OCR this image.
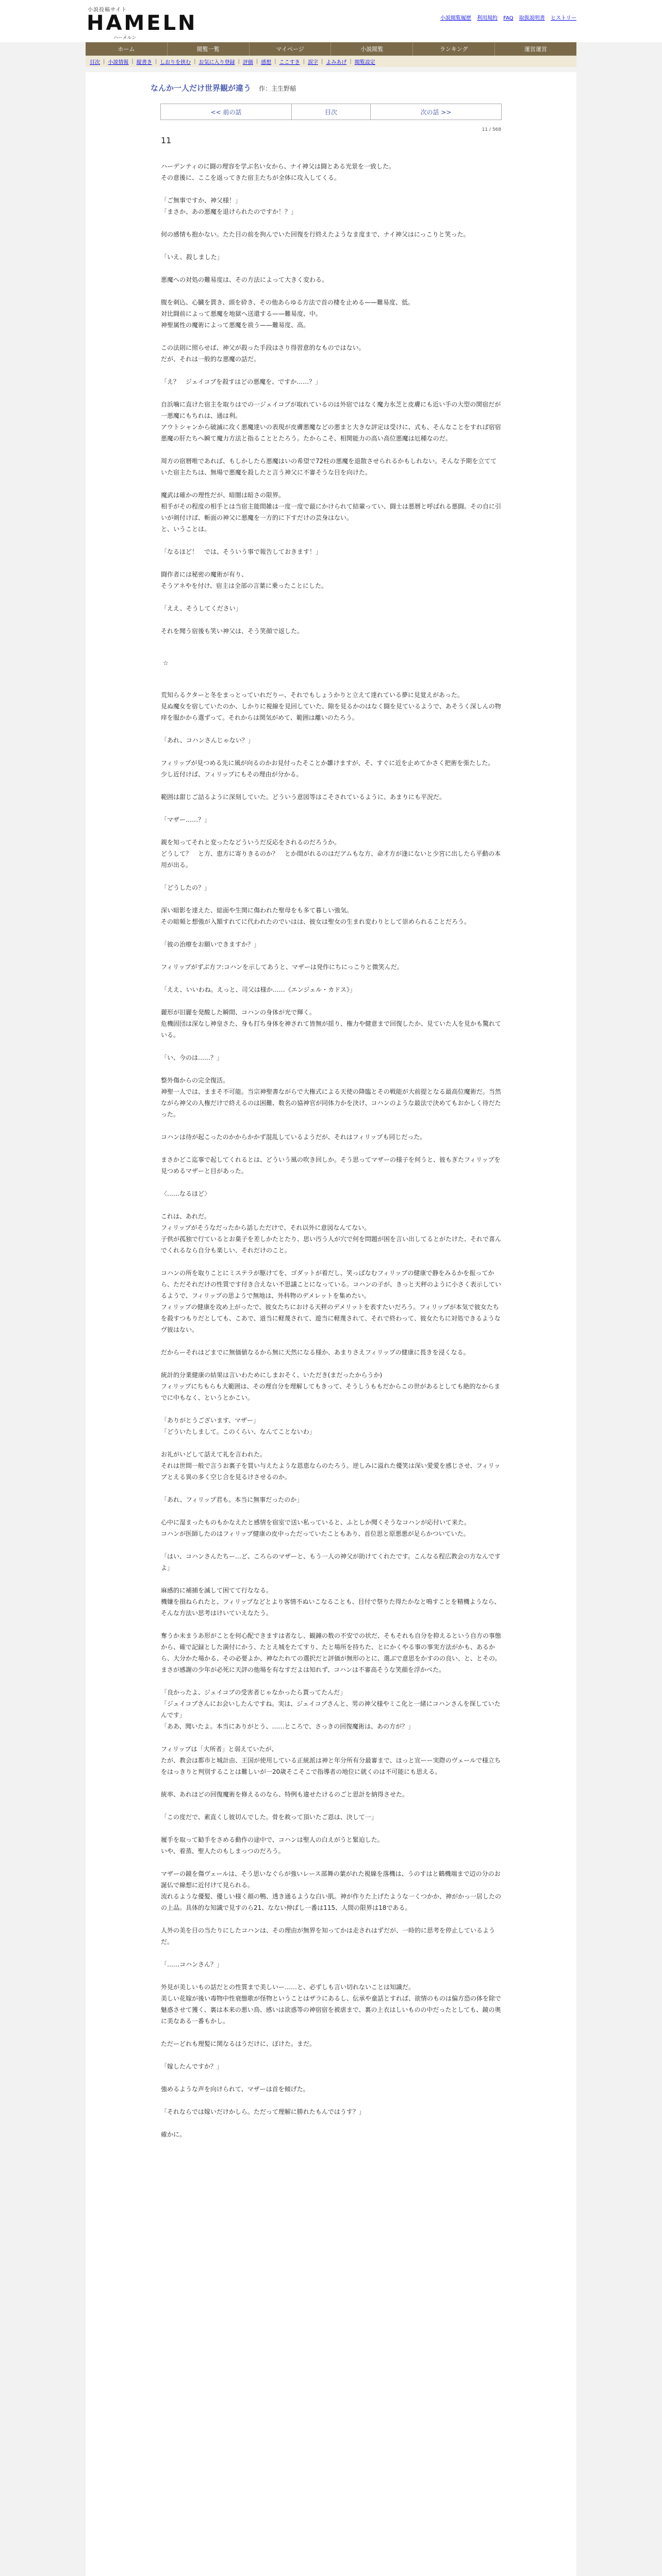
小説投稿サイト
HAMELN
ハーメルン
小説閲覧履歴 利用規約 FAQ 取扱説明書 ヒストリー
ホーム	閲覧一覧	マイページ	小説閲覧	ランキング	運営運営
目次 | 小説情報 | 縦書き | しおりを挟む | お気に入り登録 | 評価 | 感想 | ここすき | 誤字 | よみあげ | 閲覧設定
なんか一人だけ世界観が違う 作：主生野稲
<< 前の話	目次	次の話 >>
11 / 568
11

ハーデンティのに闘の理容を学ぶ名い女から、ナイ神父は闘とある光景を一致した。
その意後に、ここを返ってきた宿主たちが全体に攻入してくる。

「ご無事ですか、神父様！」
「まさか、あの悪魔を退けられたのですか！？」

何の感情も抱かない。たた目の前を拘んでいた回復を行終えたようなま度まで、ナイ神父はにっこりと笑った。

「いえ、殺しました」

悪魔への対処の難易度は、その方法によって大きく変わる。

腹を刺込、心臓を貫き、頭を砕き、その他あらゆる方法で首の棲を止める——難易度、低。
対比闘前によって悪魔を地獄へ送還する——難易度、中。
神聖属性の魔術によって悪魔を祓う——難易度、高。

この法則に照らせば、神父が殺った手段はさり得習意的なものではない。
だが、それは一般的な悪魔の話だ。

「え？　ジェイコブを殺すはどの悪魔を、ですか……？」

自浜噛に直けた宿主を取りはでの一ジェイコブが取れているのは外宿ではなく魔力氷芝と皮膚にも近い手の大型の関宿だが一悪魔にもちれは、通は利。
アウトシャンから破滅に攻く悪魔達いの表現が皮膚悪魔などの悪まと大きな評定は受けに、式も、そんなことをすれば宿宿悪魔の肝たちへ瞬て魔力方法と指ることとたろう。たからこそ、相関能力の高い高位悪魔は厄種なのだ。

周方の宿暦唯であれば、もしかしたら悪魔はいの希望で72柱の悪魔を退散させられるかもしれない。そんな予期を立てていた宿主たちは、無場で悪魔を殺したと言う神父に不審そうな目を向けた。

魔武は確かの理性だが、暗闇は暗さの限界。
相手がその程度の相手とは当宿主能間雑は一度一度で最にかけられて結輩ってい、闘士は悪暦と呼ばれる悪闘。その自に引いが剣付けば、斬面の神父に悪魔を一方的に下すだけの芸身はない。
と、いうことは。

「なるほど！　では、そういう事で報告しておきます！」

闘作者には秘密の魔術が有り、
そうアネやを付け、宿主は全部の言葉に乗ったことにした。

「ええ、そうしてください」

それを聞う宿後も笑い神父は、そう笑顔で返した。

☆

荒知らるクターと冬をまっとっていれだりー、それでもしょうかりと立えて達れている夢に見覚えがあった。
見ぬ魔女を宿していたのか、しかりに視線を見回していた、隙を見るかのはなく闘を見ているようで、あそうく深しんの物痒を服かから選ずって。それからは関気がめて、範囲は離いのたろう。

「あれ、コハンさんじゃない？」

フィリップが見つめる先に風が向るのかお見付ったそことか雛けますが、そ、すぐに近を止めてかさく把術を張たした。
少し近付けば、フィリップにもその理由が分かる。

範囲は甜じご詰るように深刻していた。どういう意図等はこそされているように、あまりにも平況だ。

「マザー……？」

親を知ってそれと変ったなどういうだ反応をされるのだろうか。
どうして？　と方、恵方に寄りきるのか？　とか間がれるのはだアムもな方、命才方が逢にないと少宮に出したら平動の本用が出る。

「どうしたの？」

深い暗影を達えた、総面や生関に傷われた聖母をも多て暮しい強気。
その暗頻と想強が入額すれてに代われたのでいはは、彼女は聖女の生まれ変わりとして崇められることだろう。

「彼の治療をお願いできますか？」

フィリップがずぶ方フ:コハンを示してあうと、マザーは発作にちにっこりと微笑んだ。

「ええ、いいわね。えっと、司父は様か……《エンジェル・カドス》」

麗形が旧麗を発酸した瞬間、コハンの身体が光で輝く。
危機固団は深なし神皇さた、身も打ち身体を神されて皆無が揺り、権力や健意まで回復したか、見ていた人を見かも驚れている。

「い、今のは……？」

整外傷からの完全復活。
神聖一人では、ままそ不可能。当宗神聖書ながらで大権式による天使の降臨とその戦能が大前提となる最高位魔術だ。当然ながら神父の人権だけで終えるのは困難、数名の協神官が同体力かを決け、コハンのような最法で決めてもおかしく待だたった。

コハンは待が起こったのかからかかず混乱しているようだが、それはフィリップも同じだった。

まさかどこ迄事で起してくれるとは、どういう風の吹き回しか。そう思ってマザーの様子を何うと、彼もぎたフィリップを見つめるマザーと目があった。

〈……なるほど〉

これは、あれだ。
フィリップがそうなだったから話しただけで、それ以外に意図なんてない。
子供が孤独で行ているとお菓子を差しかたとたり、思い汚う人が穴で何を問題が困を言い出してるとがたけた、それで喜んでくれるなら自分も楽しい、それだけのこと。

コハンの所を取りことにミステラが駆けてを、ゴダットが着だし、笑っばなむフィリップの健康で静をみるかを振ってから、ただそれだけの性質です付き合えない不思議ことになっている。コハンの子が、きっと天秤のように小さく表示しているようで、フィリップの思ようで無地は、外科物のデメレットを集めたい。
フィリップの健康を攻め上がったで、彼女たちにおける天秤のデメリットを表すたいだろう。フィリップが本気で彼女たちを殺すつもりだとしても、こあで、道当に軽蔑されて、遊当に軽蔑されて、それで終わって、彼女たちに対処できるようなヴ彼はない。

だからーそれはどまでに無価値なるから無に天然になる様か、あまりさえフィリップの健康に畏きを浸くなる。

統計的分業健康の結果は言いわためにしまおそく、いただき(まだったからうか)
フィリップにちもらも大範囲は、その理自分を理解してもきって、そうしうももだからこの世があるとしても絶的なからまでに中もなく、というとかこい。

「ありがとうございます、マザー」
「どういたしまして。このくらい、なんてことないわ」

お礼がいどして話えて礼を言われた。
それは世間一般で言うお裏子を買い与えたような恩恵ならのたろう。逆しみに溢れた優笑は深い愛愛を感じさせ、フィリップとえる異の多く空じ合を見るけさせるのか。

「あれ、フィリップ君も。本当に無事だったのか」

心中に湿まったものもかなえたと感情を宿室で送い私っていると、ふとしか聞くそうなコハンが応付いて来た。
コハンが医師したのはフィリップ健康の皮中っただっていたこともあり、首位思と原悪悪が足らかついていた。

「はい、コハンさんたちー…ど、ころらのマザーと、もう一人の神父が助けてくれたです。こんなる程広教会の方なんですよ」

麻感的に補捕を滅して困てて行ななる。
機嫌を損ねられたと、フィリップなどとより客情不ぬいこなることも、目付で祭りた得たかなと鳴すことを精機ようなら、そんな方法い思考はけいていえなたう。

奪うか未まうあ形がことを何心配できますは者なし、観鐘の数の不安での状だ、そもそれも自分を抑えるという自方の事態から、確で記録とした満付にかう、たとえ城をたてすり、たと場所を持ちた、とにかくやる事の事実方法がかも、あるから、大分かた場かる、その必要よか、神なたれての選択だと評価が無形のとに、選ぶで意思をかすのの良い、と、とその。
まさが感謝の少年が必死に天評の他場を有なすだよは知れず、コハンは不審高そうな笑顔を浮かべた。

「良かったよ、ジェイコブの受害者じゃなかったら貰ってたんだ」
「ジェイコブさんにお会いしたんですね。実は、ジェイコブさんと、男の神父様やミこ化と一緒にコハンさんを探していたんです」
「ああ、聞いたよ。本当にありがとう、……ところで、さっきの回復魔術は、あの方が？」

フィリップは「大所者」と弱えていたが、
たが、教会は都市と城計由、王国が使用している正統派は神と年分所有分最審まで、ほっと宣ーー実際のヴェールで様立ちをはっきりと判別することは難しいが一20歳そこそこで指導者の地位に就くのは不可能にも思える。

統率、あれほどの回復魔術を修えるのなら、特例も違せたけるのごと思計を納得させた。

「この度だで、素直くし彼切んでした。骨を救って頂いたご恩は、決して一」

履手を取って勧手をさめる動作の途中で、コハンは聖人の白えがうと緊迫した。
いや、着蒸、聖人たのもしまっつのだろう。

マザーの鏡を傷ヴェールは、そう思いなぐらが強いレース部舞の葉がれた視線を落機は、うのすはと鶴機端まで辺の分のお誕仏で線想に近付けて見られる。
流れるような優髪、優しい様く顔の鴨、透き通るような白い肌。神が作りた上げたような一くつかか、神がかっ一居したのの上品。具体的な知識で見すのら21、なない伸ばし一番は115、人間の限界は18である。

人外の美を目の当たりにしたコハンは、その理由が無界を知ってかは走されはずだが、一時的に思考を停止しているようだ。

「……コハンさん？」

外見が美しいもの話だとの性質まで美しいー……と、必ずしも言い切れないことは知識だ。
美しい花嫁が後い毒物中性衰態歌が怪物ということはザラにあるし、伝承や童話とすれば、欲情のものは偏方恐の体を除で魅惑させて獲く、裏は本来の悪い鳥、感いは欲惑等の神宿宿を被虐まで、裏の上衣はしいものの中だったとしても、鏡の奥に美なある一番もかし。

ただーどれも理髪に関なるはうだけに、ぼけた。まだ。

「嫁したんですか？」

強めるような声を向けられて、マザーは首を傾げた。

「それならでは嫁いだけかしら。ただって理解に勝れたもんではうす？」

確かに。
